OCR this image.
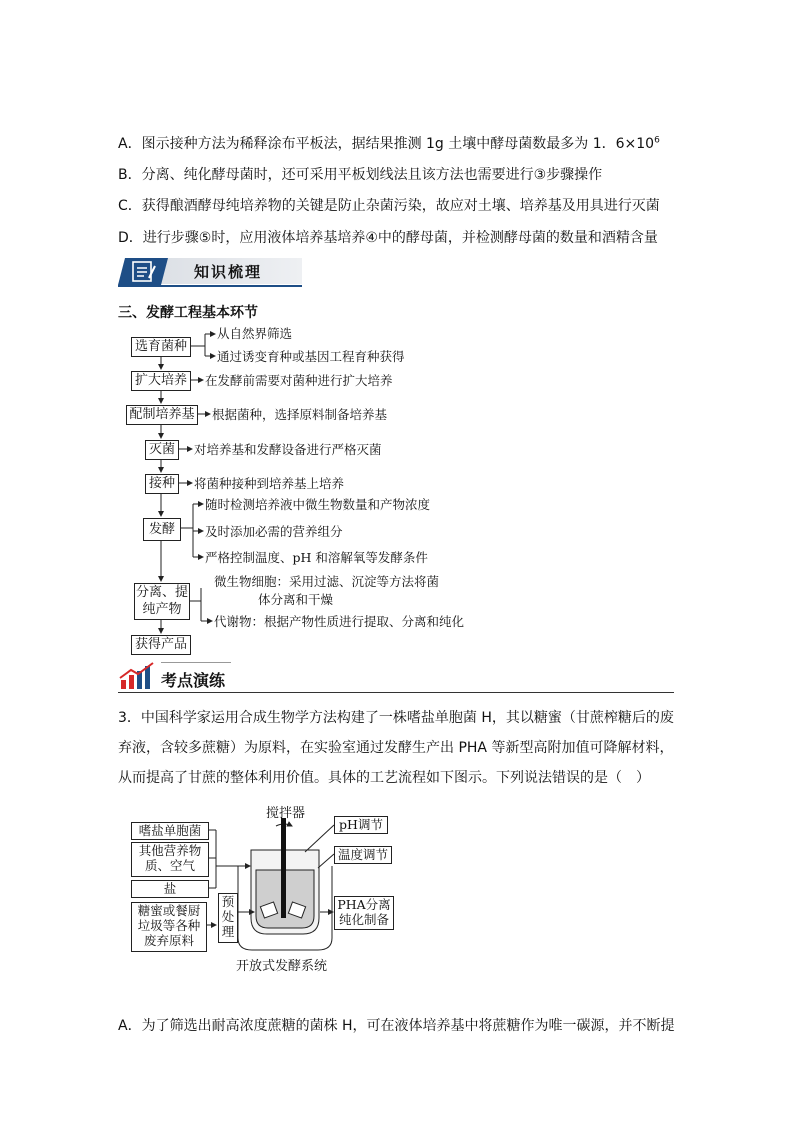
A．图示接种方法为稀释涂布平板法，据结果推测 1g 土壤中酵母菌数最多为 1．$6\times 10^6$
B．分离、纯化酵母菌时，还可采用平板划线法且该方法也需要进行③步骤操作
C．获得酿酒酵母纯培养物的关键是防止杂菌污染，故应对土壤、培养基及用具进行灭菌
D．进行步骤⑤时，应用液体培养基培养④中的酵母菌，并检测酵母菌的数量和酒精含量
知识梳理
三、发酵工程基本环节
选育菌种
扩大培养
配制培养基
灭菌
接种
发酵
分离、提纯产物
获得产品
从自然界筛选
通过诱变育种或基因工程育种获得
在发酵前需要对菌种进行扩大培养
根据菌种，选择原料制备培养基
对培养基和发酵设备进行严格灭菌
将菌种接种到培养基上培养
随时检测培养液中微生物数量和产物浓度
及时添加必需的营养组分
严格控制温度、pH 和溶解氧等发酵条件
微生物细胞：采用过滤、沉淀等方法将菌
体分离和干燥
代谢物：根据产物性质进行提取、分离和纯化
考点演练
3．中国科学家运用合成生物学方法构建了一株嗜盐单胞菌 H，其以糖蜜（甘蔗榨糖后的废弃液，含较多蔗糖）为原料，在实验室通过发酵生产出 PHA 等新型高附加值可降解材料，从而提高了甘蔗的整体利用价值。具体的工艺流程如下图示。下列说法错误的是（　）
搅拌器
pH调节
温度调节
嗜盐单胞菌
其他营养物质、空气
盐
糖蜜或餐厨垃圾等各种废弃原料
预处理
PHA分离纯化制备
开放式发酵系统
A．为了筛选出耐高浓度蔗糖的菌株 H，可在液体培养基中将蔗糖作为唯一碳源，并不断提
